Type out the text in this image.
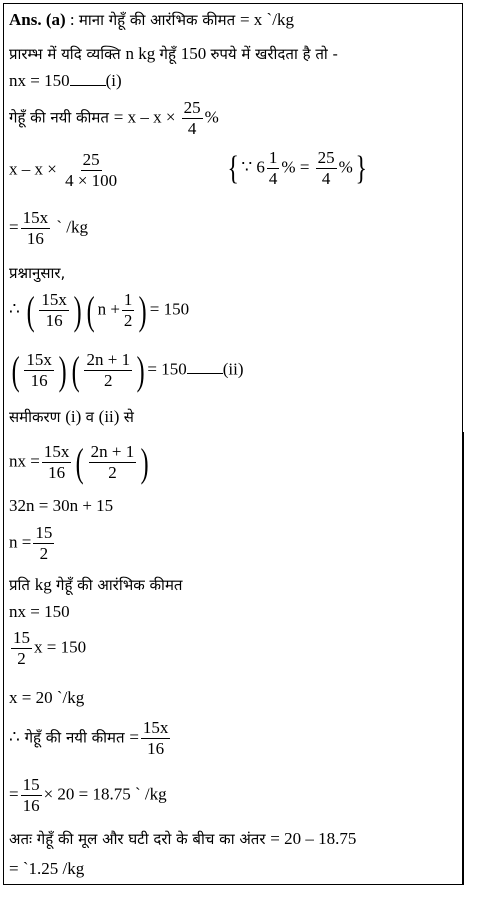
Ans. (a) : माना गेहूँ की आरंभिक कीमत = x `/kg
प्रारम्भ में यदि व्यक्ति n kg गेहूँ 150 रुपये में खरीदता है तो -
nx = 150 (i)
गेहूँ की नयी कीमत = $x - x \times \frac{25}{4}$ %
$x - x \times \frac{25}{4 \times 100}$	{ ∵ $6 \frac{1}{4}$ % = $\frac{25}{4}$ %}
= $\frac{15x}{16}$ ` /kg
प्रश्नानुसार,
∴ ( $\frac{15x}{16}$ ) ( $n + \frac{1}{2}$ ) = 150
( $\frac{15x}{16}$ ) ( $\frac{2n + 1}{2}$ ) = 150 (ii)
समीकरण (i) व (ii) से
nx = $\frac{15x}{16}$ ( $\frac{2n + 1}{2}$ )
32n = 30n + 15
$n = \frac{15}{2}$
प्रति kg गेहूँ की आरंभिक कीमत
nx = 150
$\frac{15}{2}$ x = 150
x = 20 `/kg
∴ गेहूँ की नयी कीमत = $\frac{15x}{16}$
= $\frac{15}{16} \times 20 = 18.75$ ` /kg
अतः गेहूँ की मूल और घटी दरो के बीच का अंतर = 20 – 18.75
= `1.25 /kg
